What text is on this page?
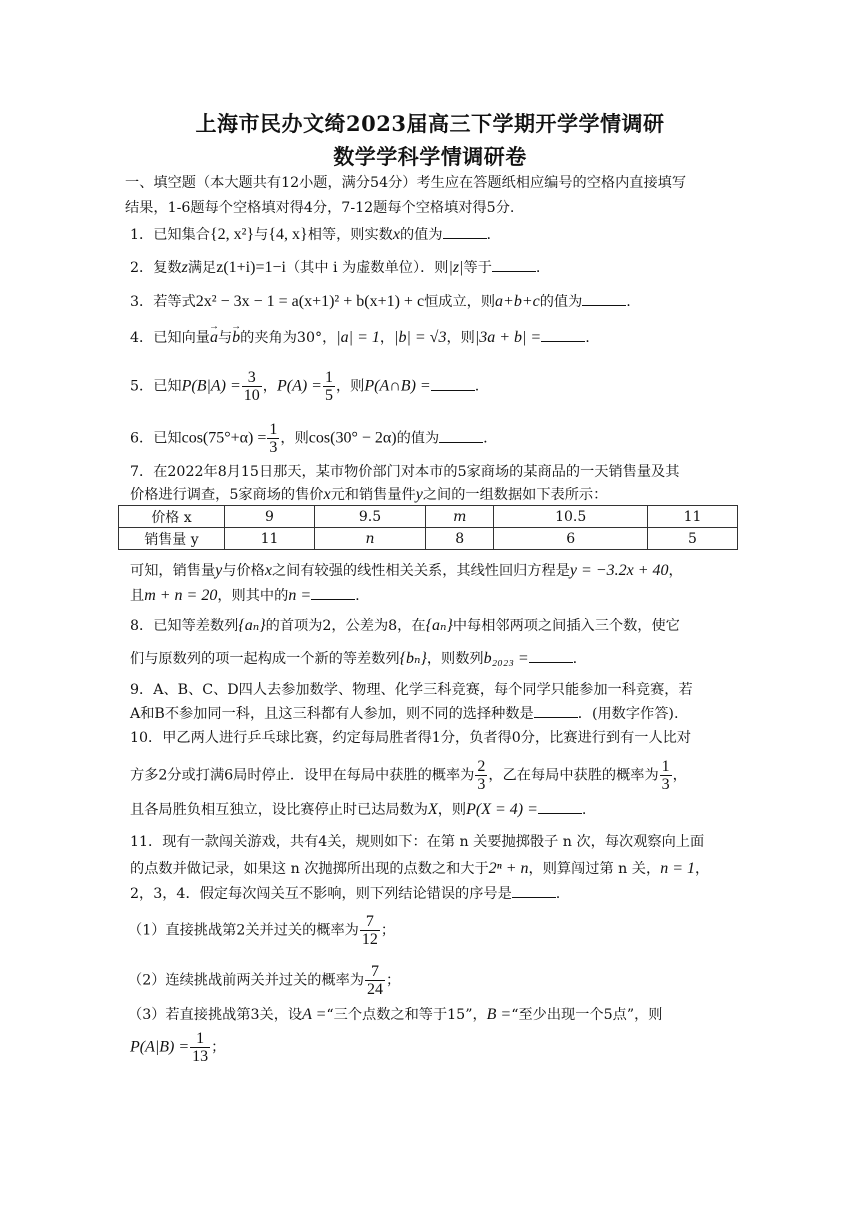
上海市民办文绮2023届高三下学期开学学情调研
数学学科学情调研卷
一、填空题（本大题共有12小题，满分54分）考生应在答题纸相应编号的空格内直接填写
结果，1-6题每个空格填对得4分，7-12题每个空格填对得5分.
1．已知集合{2, x²}与{4, x}相等，则实数x的值为	.
2．复数z满足z(1+i)=1−i（其中 i 为虚数单位）．则|z|等于	.
3．若等式2x² − 3x − 1 = a(x+1)² + b(x+1) + c恒成立，则a+b+c的值为	.
4．已知向量→ a与→ b的夹角为30°，|a| = 1，|b| = √3，则|3a + b| =	.
5．已知$P(B|A) = \frac{3}{10}$ ，$P(A) = \frac{1}{5}$ ，则P(A∩B) =	.
6．已知$\cos(75^\circ+\alpha) = \frac{1}{3}$ ，则cos(30° − 2α)的值为	.
7．在2022年8月15日那天，某市物价部门对本市的5家商场的某商品的一天销售量及其
价格进行调查，5家商场的售价x元和销售量件y之间的一组数据如下表所示：
价格 x	9	9.5	m	10.5	11
销售量 y	11	n	8	6	5
可知，销售量y与价格x之间有较强的线性相关关系，其线性回归方程是y = −3.2x + 40，
且m + n = 20，则其中的n =	.
8．已知等差数列{aₙ}的首项为2，公差为8，在{aₙ}中每相邻两项之间插入三个数，使它
们与原数列的项一起构成一个新的等差数列{bₙ}，则数列b₂₀₂₃ =	.
9．A、B、C、D四人去参加数学、物理、化学三科竞赛，每个同学只能参加一科竞赛，若
A和B不参加同一科，且这三科都有人参加，则不同的选择种数是	．(用数字作答).
10．甲乙两人进行乒乓球比赛，约定每局胜者得1分，负者得0分，比赛进行到有一人比对
方多2分或打满6局时停止．设甲在每局中获胜的概率为 $\frac{2}{3}$ ，乙在每局中获胜的概率为 $\frac{1}{3}$ ，
且各局胜负相互独立，设比赛停止时已达局数为X，则P(X = 4) =	.
11．现有一款闯关游戏，共有4关，规则如下：在第 n 关要抛掷骰子 n 次，每次观察向上面
的点数并做记录，如果这 n 次抛掷所出现的点数之和大于2ⁿ + n，则算闯过第 n 关，n = 1，
2，3，4．假定每次闯关互不影响，则下列结论错误的序号是	.
（1）直接挑战第2关并过关的概率为 $\frac{7}{12}$ ；
（2）连续挑战前两关并过关的概率为 $\frac{7}{24}$ ；
（3）若直接挑战第3关，设A =“三个点数之和等于15”，B =“至少出现一个5点”，则
$P(A|B) = \frac{1}{13}$ ；
